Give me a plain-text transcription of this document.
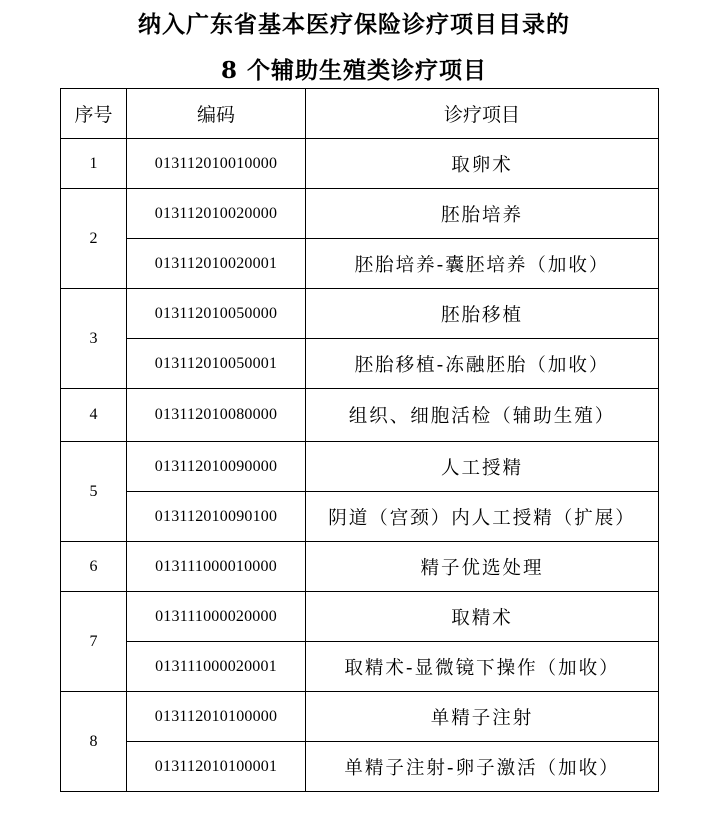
纳入广东省基本医疗保险诊疗项目目录的
8 个辅助生殖类诊疗项目
序号	编码	诊疗项目
1	013112010010000	取卵术
2	013112010020000	胚胎培养
	013112010020001	胚胎培养-囊胚培养（加收）
3	013112010050000	胚胎移植
	013112010050001	胚胎移植-冻融胚胎（加收）
4	013112010080000	组织、细胞活检（辅助生殖）
5	013112010090000	人工授精
	013112010090100	阴道（宫颈）内人工授精（扩展）
6	013111000010000	精子优选处理
7	013111000020000	取精术
	013111000020001	取精术-显微镜下操作（加收）
8	013112010100000	单精子注射
	013112010100001	单精子注射-卵子激活（加收）
